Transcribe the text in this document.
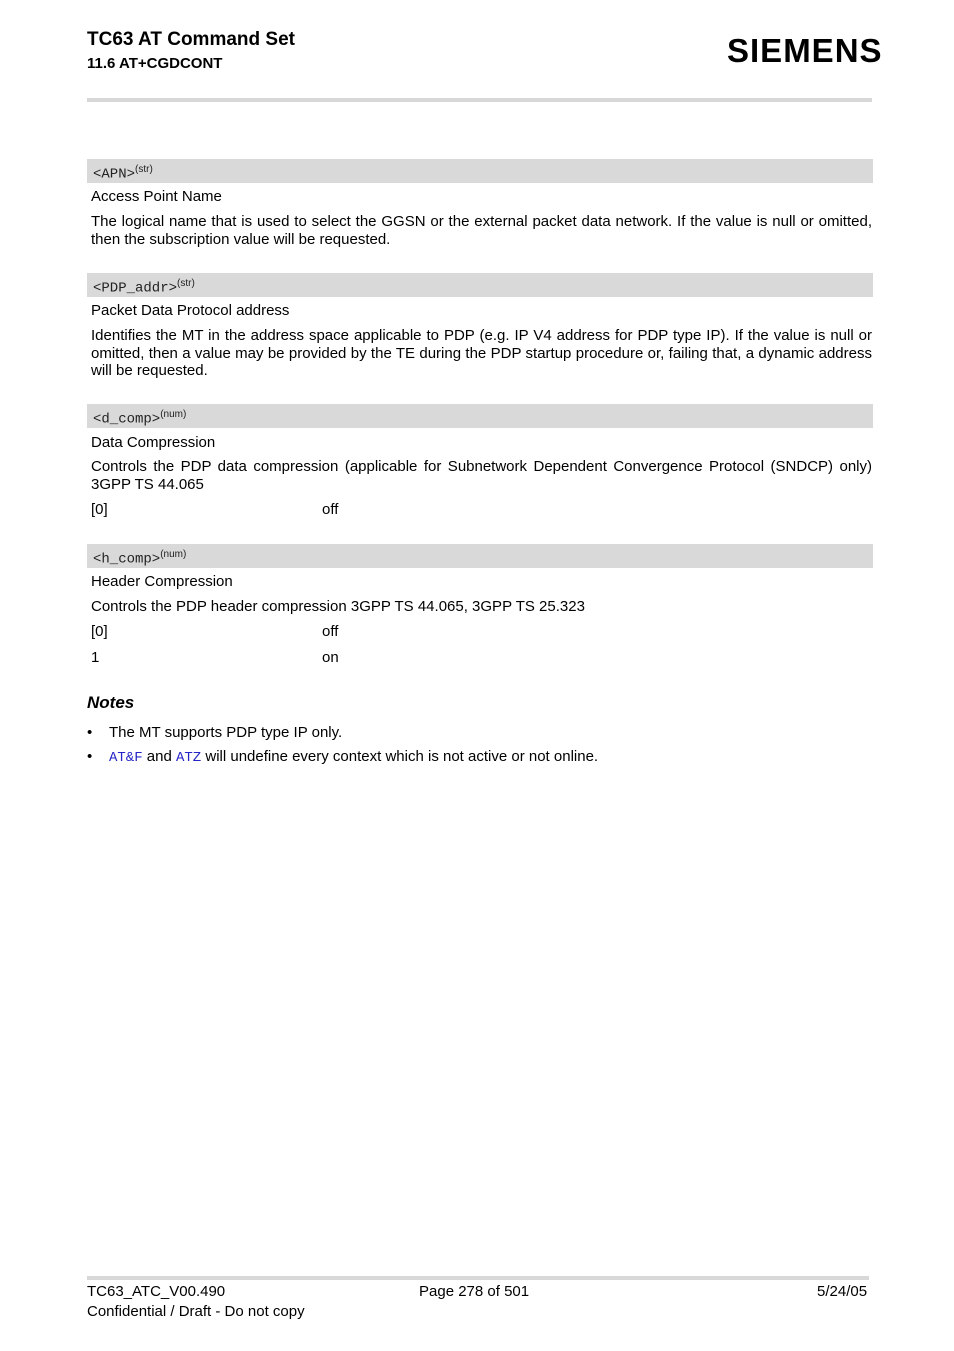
TC63 AT Command Set
11.6 AT+CGDCONT	SIEMENS
<APN>$^{(str)}$
Access Point Name
The logical name that is used to select the GGSN or the external packet data network. If the value is null or omitted, then the subscription value will be requested.
<PDP_addr>$^{(str)}$
Packet Data Protocol address
Identifies the MT in the address space applicable to PDP (e.g. IP V4 address for PDP type IP). If the value is null or omitted, then a value may be provided by the TE during the PDP startup procedure or, failing that, a dynamic address will be requested.
<d_comp>$^{(num)}$
Data Compression
Controls the PDP data compression (applicable for Subnetwork Dependent Convergence Protocol (SNDCP) only) 3GPP TS 44.065
[0]	off
<h_comp>$^{(num)}$
Header Compression
Controls the PDP header compression 3GPP TS 44.065, 3GPP TS 25.323
[0]	off
1	on
Notes
• The MT supports PDP type IP only.
• AT&F and ATZ will undefine every context which is not active or not online.
TC63_ATC_V00.490
Confidential / Draft - Do not copy
Page 278 of 501	5/24/05
